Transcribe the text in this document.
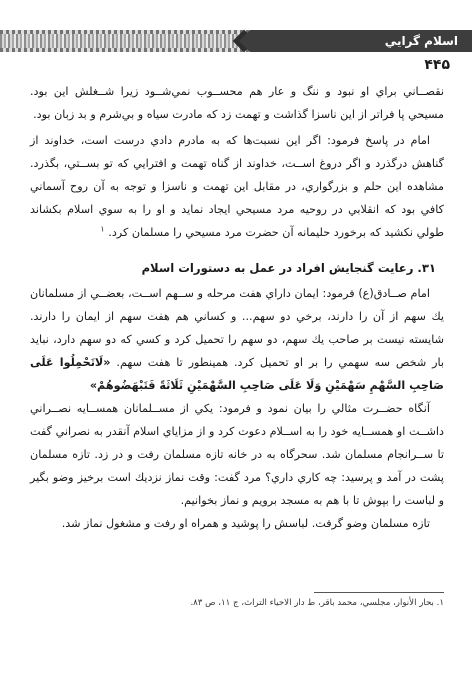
اسلام گرايي
۴۴۵

نقصــاني براي او نبود و ننگ و عار هم محســوب نمي‌شــود زيرا شــغلش اين بود. مسيحي پا فراتر از اين ناسزا گذاشت و تهمت زد كه مادرت سياه و بي‌شرم و بد زبان بود.

امام در پاسخ فرمود: اگر اين نسبت‌ها كه به مادرم دادي درست است، خداوند از گناهش درگذرد و اگر دروغ اســت، خداوند از گناه تهمت و افترايي كه تو بســتي، بگذرد. مشاهده اين حلم و بزرگواري، در مقابل اين تهمت و ناسزا و توجه به آن روح آسماني كافي بود كه انقلابي در روحيه مرد مسيحي ايجاد نمايد و او را به سوي اسلام بكشاند طولي نكشيد كه برخورد حليمانه آن حضرت مرد مسيحي را مسلمان كرد. $^۱$

۳۱. رعايت گنجايش افراد در عمل به دستورات اسلام

امام صــادق(ع) فرمود: ايمان داراي هفت مرحله و ســهم اســت، بعضــي از مسلمانان يك سهم از آن را دارند، برخي دو سهم... و كساني هم هفت سهم از ايمان را دارند. شايسته نيست بر صاحب يك سهم، دو سهم را تحميل كرد و كسي كه دو سهم دارد، نبايد بار شخص سه سهمي را بر او تحميل كرد. همينطور تا هفت سهم. «لَاتَحْمِلُوا عَلَى صَاحِبِ السَّهْمِ سَهْمَيْنِ وَلَا عَلَى صَاحِبِ السَّهْمَيْنِ ثَلَاثَةً فَتَبْهَضُوهُمْ»

آنگاه حضــرت مثالي را بيان نمود و فرمود: يكي از مســلمانان همســايه نصــراني داشــت او همســايه خود را به اســلام دعوت كرد و از مزاياي اسلام آنقدر به نصراني گفت تا ســرانجام مسلمان شد. سحرگاه به در خانه تازه مسلمان رفت و در زد. تازه مسلمان پشت در آمد و پرسيد: چه كاري داري؟ مرد گفت: وقت نماز نزديك است برخيز وضو بگير و لباست را بپوش تا با هم به مسجد برويم و نماز بخوانيم.

تازه مسلمان وضو گرفت. لباسش را پوشيد و همراه او رفت و مشغول نماز شد.

۱. بحار الأنوار، مجلسي، محمد باقر، ط دار الاحياء التراث، ج ۱۱، ص ۸۳.
